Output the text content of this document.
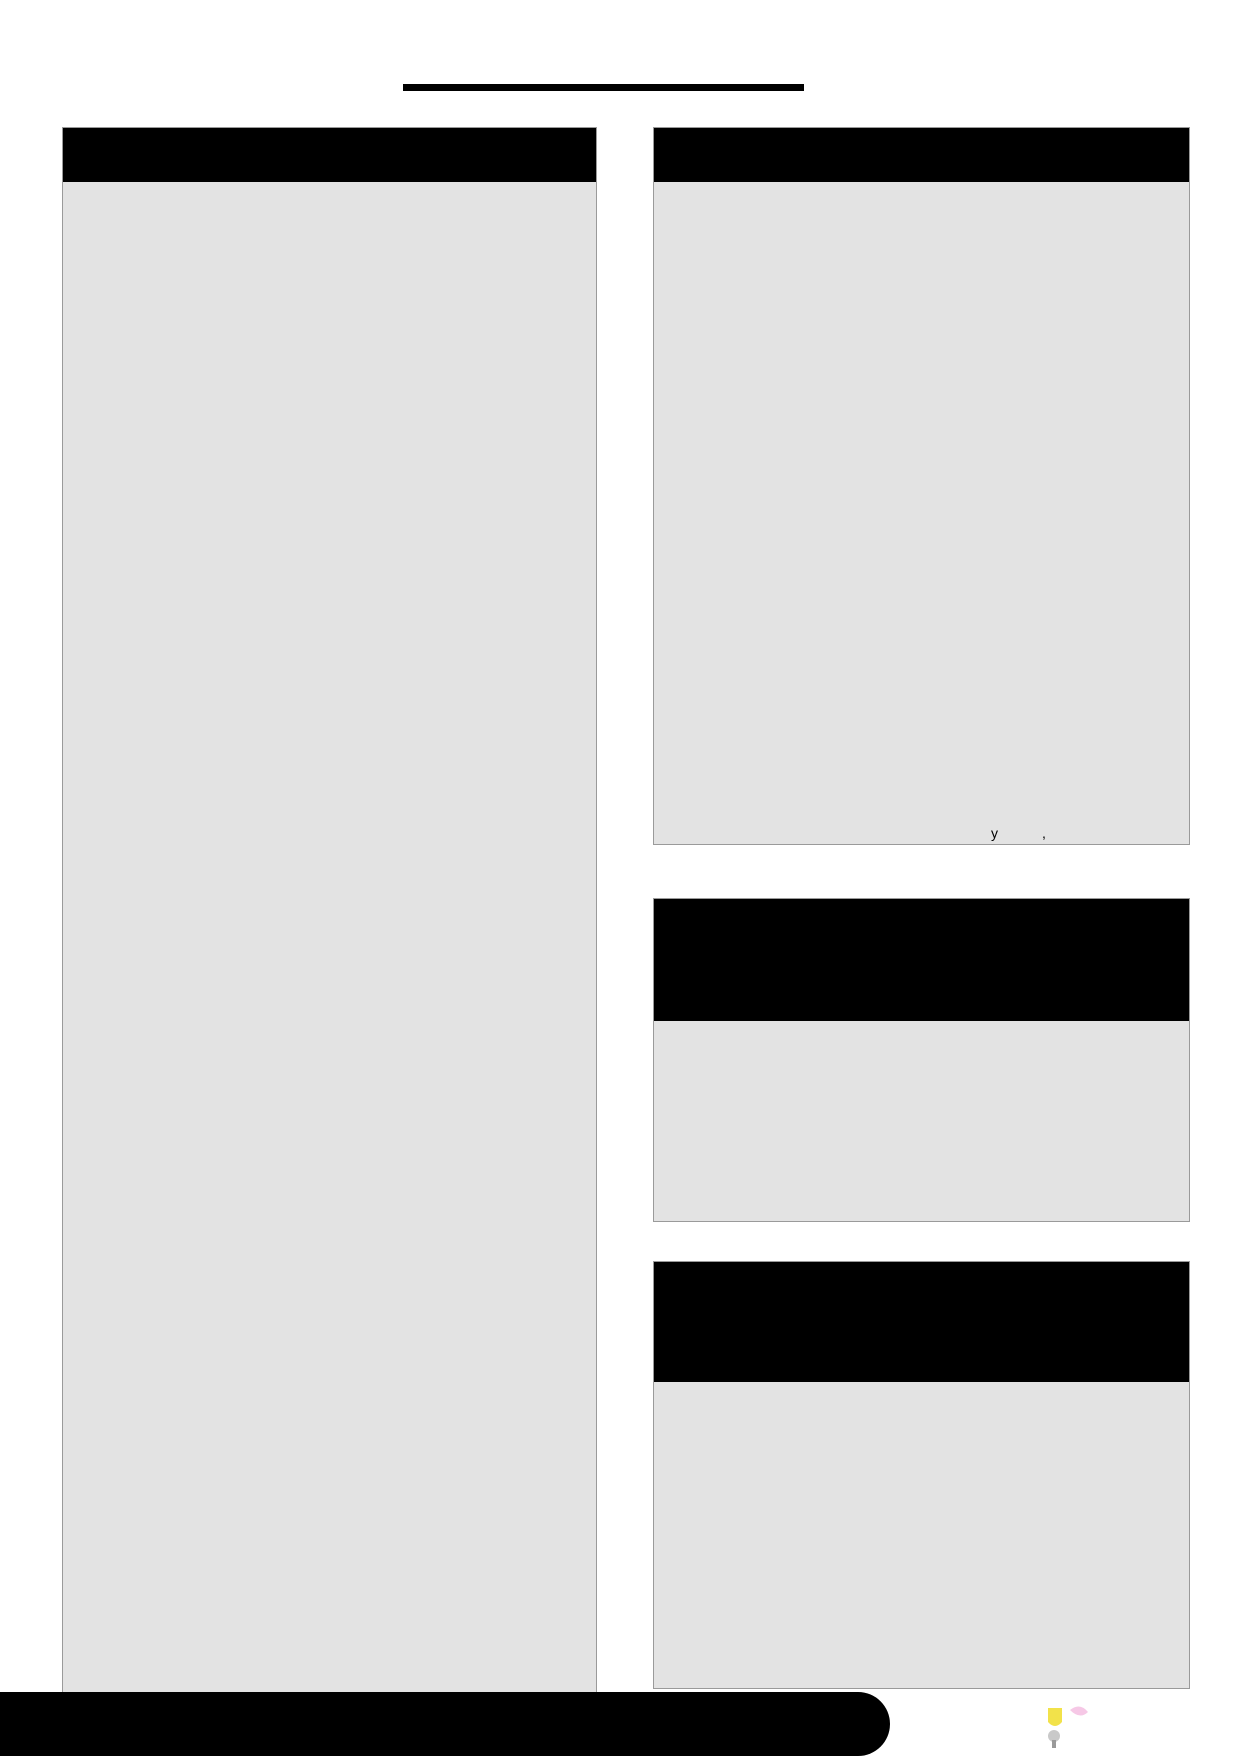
y	,
